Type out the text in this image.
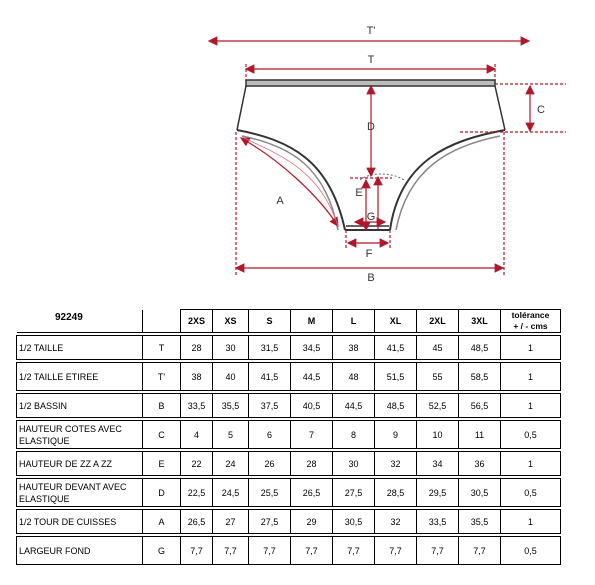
T'
T
C
D
E
A
G
F
B
92249
			2XS	XS	S	M	L	XL	2XL	3XL	tolérance
+ / - cms

1/2 TAILLE	T	28	30	31,5	34,5	38	41,5	45	48,5	1

1/2 TAILLE ETIREE	T'	38	40	41,5	44,5	48	51,5	55	58,5	1

1/2 BASSIN	B	33,5	35,5	37,5	40,5	44,5	48,5	52,5	56,5	1

HAUTEUR COTES AVEC ELASTIQUE	C	4	5	6	7	8	9	10	11	0,5

HAUTEUR DE ZZ A ZZ	E	22	24	26	28	30	32	34	36	1

HAUTEUR DEVANT AVEC ELASTIQUE	D	22,5	24,5	25,5	26,5	27,5	28,5	29,5	30,5	0,5

1/2 TOUR DE CUISSES	A	26,5	27	27,5	29	30,5	32	33,5	35,5	1

LARGEUR FOND	G	7,7	7,7	7,7	7,7	7,7	7,7	7,7	7,7	0,5
